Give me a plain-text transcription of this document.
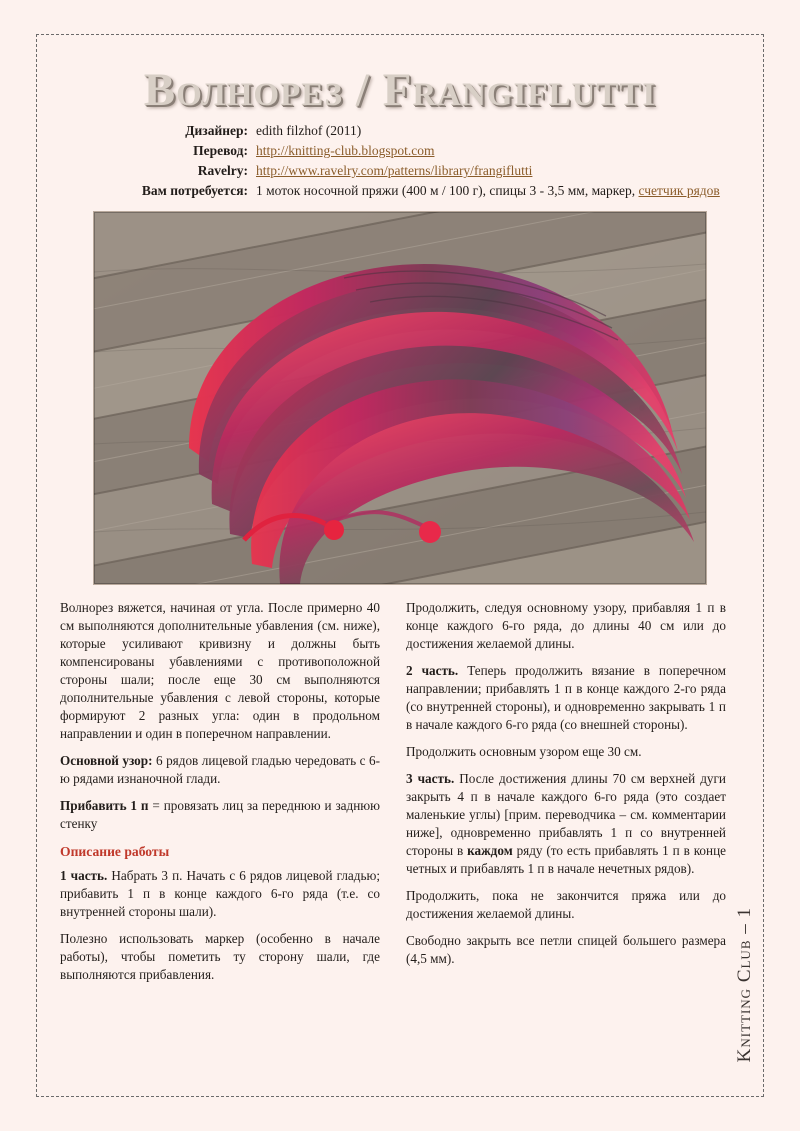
Волнорез / Frangiflutti
Дизайнер:	edith filzhof (2011)
Перевод:	http://knitting-club.blogspot.com
Ravelry:	http://www.ravelry.com/patterns/library/frangiflutti
Вам потребуется:	1 моток носочной пряжи (400 м / 100 г), спицы 3 - 3,5 мм, маркер, счетчик рядов

Волнорез вяжется, начиная от угла. После примерно 40 см выполняются дополнительные убавления (см. ниже), которые усиливают кривизну и должны быть компенсированы убавлениями с противоположной стороны шали; после еще 30 см выполняются дополнительные убавления с левой стороны, которые формируют 2 разных угла: один в продольном направлении и один в поперечном направлении.

Основной узор: 6 рядов лицевой гладью чередовать с 6-ю рядами изнаночной глади.

Прибавить 1 п = провязать лиц за переднюю и заднюю стенку

Описание работы

1 часть. Набрать 3 п. Начать с 6 рядов лицевой гладью; прибавить 1 п в конце каждого 6-го ряда (т.е. со внутренней стороны шали).

Полезно использовать маркер (особенно в начале работы), чтобы пометить ту сторону шали, где выполняются прибавления.

Продолжить, следуя основному узору, прибавляя 1 п в конце каждого 6-го ряда, до длины 40 см или до достижения желаемой длины.

2 часть. Теперь продолжить вязание в поперечном направлении; прибавлять 1 п в конце каждого 2-го ряда (со внутренней стороны), и одновременно закрывать 1 п в начале каждого 6-го ряда (со внешней стороны).

Продолжить основным узором еще 30 см.

3 часть. После достижения длины 70 см верхней дуги закрыть 4 п в начале каждого 6-го ряда (это создает маленькие углы) [прим. переводчика – см. комментарии ниже], одновременно прибавлять 1 п со внутренней стороны в каждом ряду (то есть прибавлять 1 п в конце четных и прибавлять 1 п в начале нечетных рядов).

Продолжить, пока не закончится пряжа или до достижения желаемой длины.

Свободно закрыть все петли спицей большего размера (4,5 мм).	Knitting Club – 1
